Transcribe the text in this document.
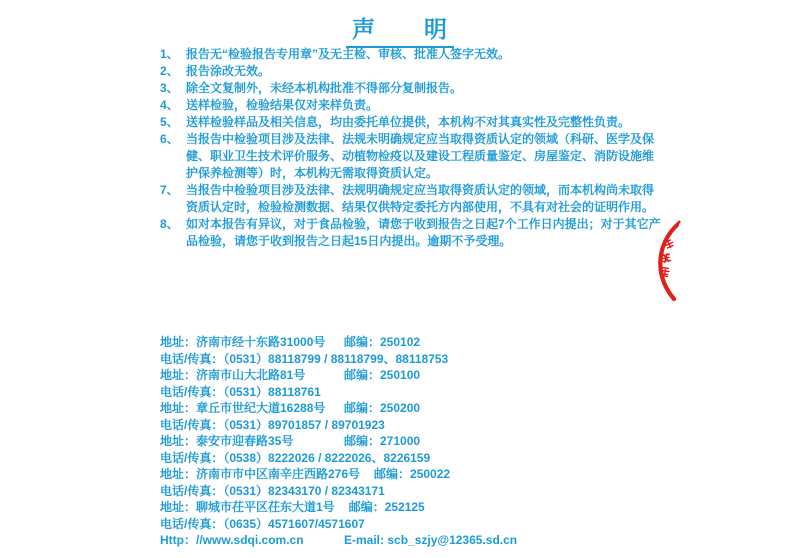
声　　明
1、 报告无“检验报告专用章”及无主检、审核、批准人签字无效。
2、 报告涂改无效。
3、 除全文复制外，未经本机构批准不得部分复制报告。
4、 送样检验，检验结果仅对来样负责。
5、 送样检验样品及相关信息，均由委托单位提供，本机构不对其真实性及完整性负责。
6、 当报告中检验项目涉及法律、法规未明确规定应当取得资质认定的领域（科研、医学及保健、职业卫生技术评价服务、动植物检疫以及建设工程质量鉴定、房屋鉴定、消防设施维护保养检测等）时，本机构无需取得资质认定。
7、 当报告中检验项目涉及法律、法规明确规定应当取得资质认定的领域，而本机构尚未取得资质认定时，检验检测数据、结果仅供特定委托方内部使用，不具有对社会的证明作用。
8、 如对本报告有异议，对于食品检验，请您于收到报告之日起7个工作日内提出；对于其它产品检验，请您于收到报告之日起15日内提出。逾期不予受理。
地址：济南市经十东路31000号 邮编：250102
电话/传真：（0531）88118799 / 88118799、88118753
地址：济南市山大北路81号	邮编：250100
电话/传真：（0531）88118761
地址：章丘市世纪大道16288号 邮编：250200
电话/传真：（0531）89701857 / 89701923
地址：泰安市迎春路35号	邮编：271000
电话/传真：（0538）8222026 / 8222026、8226159
地址：济南市市中区南辛庄西路276号 邮编：250022
电话/传真：（0531）82343170 / 82343171
地址：聊城市茌平区茌东大道1号 邮编：252125
电话/传真：（0635）4571607/4571607
Http：//www.sdqi.com.cn	E-mail: scb_szjy@12365.sd.cn
